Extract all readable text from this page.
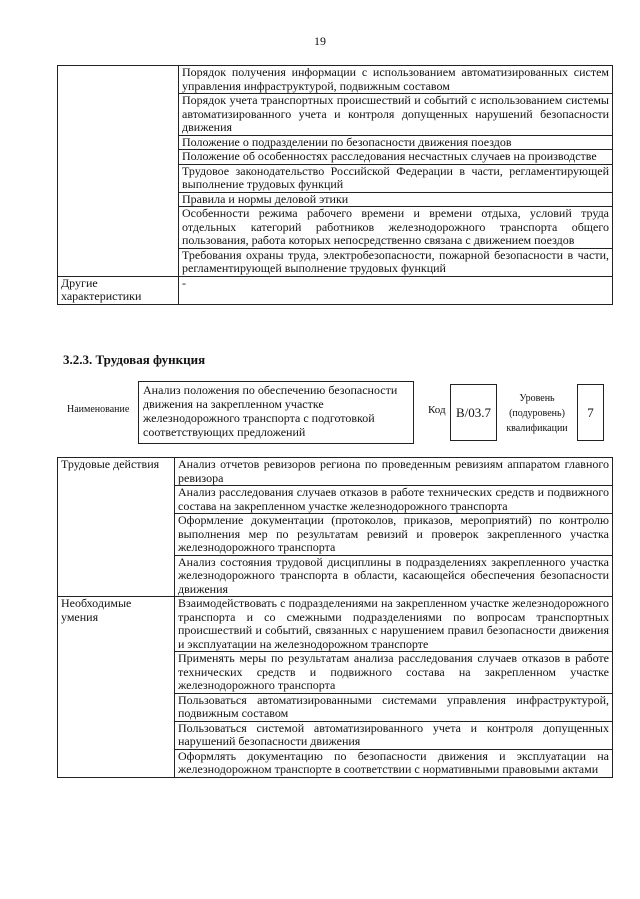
19
	Порядок получения информации с использованием автоматизированных систем управления инфраструктурой, подвижным составом
	Порядок учета транспортных происшествий и событий с использованием системы автоматизированного учета и контроля допущенных нарушений безопасности движения
	Положение о подразделении по безопасности движения поездов
	Положение об особенностях расследования несчастных случаев на производстве
	Трудовое законодательство Российской Федерации в части, регламентирующей выполнение трудовых функций
	Правила и нормы деловой этики
	Особенности режима рабочего времени и времени отдыха, условий труда отдельных категорий работников железнодорожного транспорта общего пользования, работа которых непосредственно связана с движением поездов
	Требования охраны труда, электробезопасности, пожарной безопасности в части, регламентирующей выполнение трудовых функций
Другие характеристики	-
3.2.3. Трудовая функция
Наименование
Анализ положения по обеспечению безопасности движения на закрепленном участке железнодорожного транспорта с подготовкой соответствующих предложений
Код B/03.7
Уровень (подуровень) квалификации
7
Трудовые действия	Анализ отчетов ревизоров региона по проведенным ревизиям аппаратом главного ревизора
	Анализ расследования случаев отказов в работе технических средств и подвижного состава на закрепленном участке железнодорожного транспорта
	Оформление документации (протоколов, приказов, мероприятий) по контролю выполнения мер по результатам ревизий и проверок закрепленного участка железнодорожного транспорта
	Анализ состояния трудовой дисциплины в подразделениях закрепленного участка железнодорожного транспорта в области, касающейся обеспечения безопасности движения
Необходимые умения	Взаимодействовать с подразделениями на закрепленном участке железнодорожного транспорта и со смежными подразделениями по вопросам транспортных происшествий и событий, связанных с нарушением правил безопасности движения и эксплуатации на железнодорожном транспорте
	Применять меры по результатам анализа расследования случаев отказов в работе технических средств и подвижного состава на закрепленном участке железнодорожного транспорта
	Пользоваться автоматизированными системами управления инфраструктурой, подвижным составом
	Пользоваться системой автоматизированного учета и контроля допущенных нарушений безопасности движения
	Оформлять документацию по безопасности движения и эксплуатации на железнодорожном транспорте в соответствии с нормативными правовыми актами
